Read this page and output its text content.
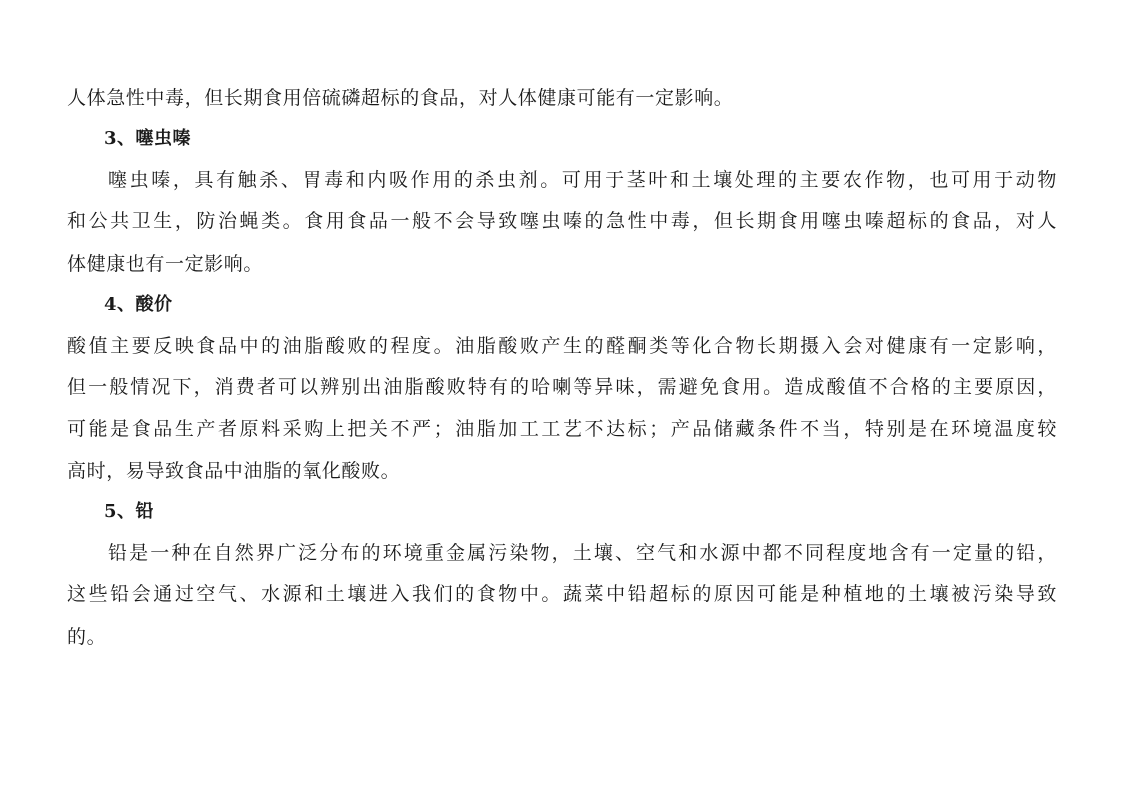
人体急性中毒，但长期食用倍硫磷超标的食品，对人体健康可能有一定影响。
3、噻虫嗪
噻虫嗪，具有触杀、胃毒和内吸作用的杀虫剂。可用于茎叶和土壤处理的主要农作物，也可用于动物
和公共卫生，防治蝇类。食用食品一般不会导致噻虫嗪的急性中毒，但长期食用噻虫嗪超标的食品，对人
体健康也有一定影响。
4、酸价
酸值主要反映食品中的油脂酸败的程度。油脂酸败产生的醛酮类等化合物长期摄入会对健康有一定影响，
但一般情况下，消费者可以辨别出油脂酸败特有的哈喇等异味，需避免食用。造成酸值不合格的主要原因，
可能是食品生产者原料采购上把关不严；油脂加工工艺不达标；产品储藏条件不当，特别是在环境温度较
高时，易导致食品中油脂的氧化酸败。
5、铅
铅是一种在自然界广泛分布的环境重金属污染物，土壤、空气和水源中都不同程度地含有一定量的铅，
这些铅会通过空气、水源和土壤进入我们的食物中。蔬菜中铅超标的原因可能是种植地的土壤被污染导致
的。
